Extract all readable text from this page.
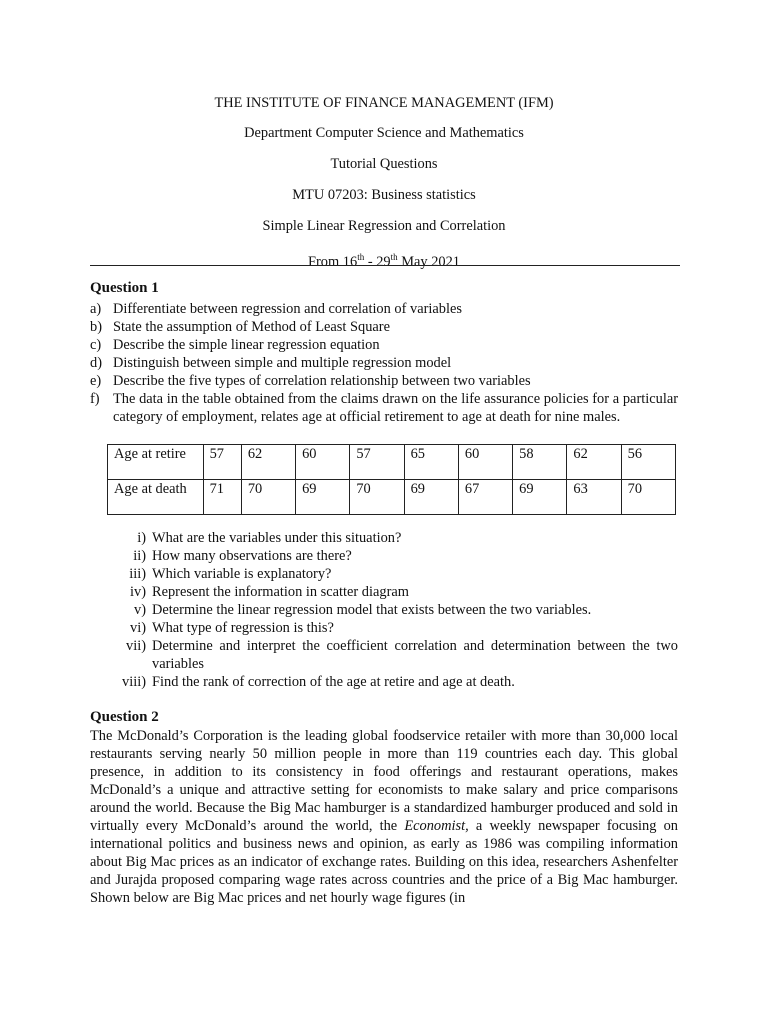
THE INSTITUTE OF FINANCE MANAGEMENT (IFM)
Department Computer Science and Mathematics
Tutorial Questions
MTU 07203: Business statistics
Simple Linear Regression and Correlation
From 16th - 29th May 2021
Question 1
a) Differentiate between regression and correlation of variables
b) State the assumption of Method of Least Square
c) Describe the simple linear regression equation
d) Distinguish between simple and multiple regression model
e) Describe the five types of correlation relationship between two variables
f) The data in the table obtained from the claims drawn on the life assurance policies for a particular category of employment, relates age at official retirement to age at death for nine males.
Age at retire	57	62	60	57	65	60	58	62	56
Age at death	71	70	69	70	69	67	69	63	70
i) What are the variables under this situation?
ii) How many observations are there?
iii) Which variable is explanatory?
iv) Represent the information in scatter diagram
v) Determine the linear regression model that exists between the two variables.
vi) What type of regression is this?
vii) Determine and interpret the coefficient correlation and determination between the two variables
viii) Find the rank of correction of the age at retire and age at death.
Question 2

The McDonald’s Corporation is the leading global foodservice retailer with more than 30,000 local restaurants serving nearly 50 million people in more than 119 countries each day. This global presence, in addition to its consistency in food offerings and restaurant operations, makes McDonald’s a unique and attractive setting for economists to make salary and price comparisons around the world. Because the Big Mac hamburger is a standardized hamburger produced and sold in virtually every McDonald’s around the world, the Economist, a weekly newspaper focusing on international politics and business news and opinion, as early as 1986 was compiling information about Big Mac prices as an indicator of exchange rates. Building on this idea, researchers Ashenfelter and Jurajda proposed comparing wage rates across countries and the price of a Big Mac hamburger. Shown below are Big Mac prices and net hourly wage figures (in
